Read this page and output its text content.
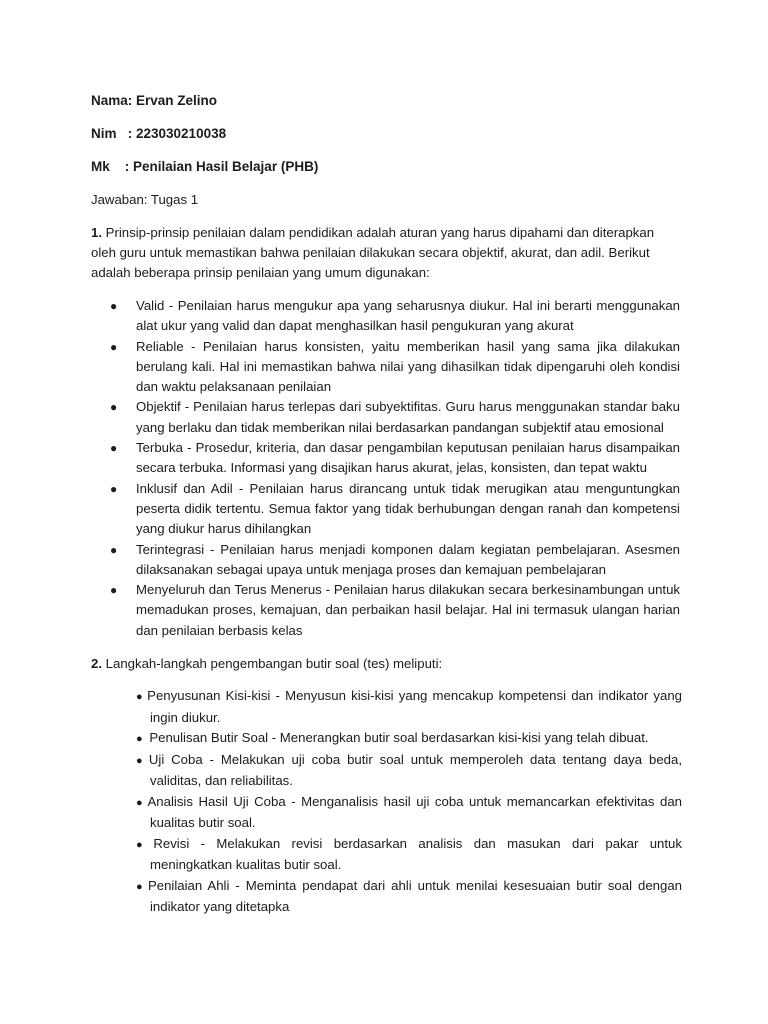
Nama: Ervan Zelino
Nim   : 223030210038
Mk    : Penilaian Hasil Belajar (PHB)
Jawaban: Tugas 1
1. Prinsip-prinsip penilaian dalam pendidikan adalah aturan yang harus dipahami dan diterapkan oleh guru untuk memastikan bahwa penilaian dilakukan secara objektif, akurat, dan adil. Berikut adalah beberapa prinsip penilaian yang umum digunakan:
● Valid - Penilaian harus mengukur apa yang seharusnya diukur. Hal ini berarti menggunakan alat ukur yang valid dan dapat menghasilkan hasil pengukuran yang akurat
● Reliable - Penilaian harus konsisten, yaitu memberikan hasil yang sama jika dilakukan berulang kali. Hal ini memastikan bahwa nilai yang dihasilkan tidak dipengaruhi oleh kondisi dan waktu pelaksanaan penilaian
● Objektif - Penilaian harus terlepas dari subyektifitas. Guru harus menggunakan standar baku yang berlaku dan tidak memberikan nilai berdasarkan pandangan subjektif atau emosional
● Terbuka - Prosedur, kriteria, dan dasar pengambilan keputusan penilaian harus disampaikan secara terbuka. Informasi yang disajikan harus akurat, jelas, konsisten, dan tepat waktu
● Inklusif dan Adil - Penilaian harus dirancang untuk tidak merugikan atau menguntungkan peserta didik tertentu. Semua faktor yang tidak berhubungan dengan ranah dan kompetensi yang diukur harus dihilangkan
● Terintegrasi - Penilaian harus menjadi komponen dalam kegiatan pembelajaran. Asesmen dilaksanakan sebagai upaya untuk menjaga proses dan kemajuan pembelajaran
● Menyeluruh dan Terus Menerus - Penilaian harus dilakukan secara berkesinambungan untuk memadukan proses, kemajuan, dan perbaikan hasil belajar. Hal ini termasuk ulangan harian dan penilaian berbasis kelas
2. Langkah-langkah pengembangan butir soal (tes) meliputi:
● Penyusunan Kisi-kisi - Menyusun kisi-kisi yang mencakup kompetensi dan indikator yang ingin diukur.
● Penulisan Butir Soal - Menerangkan butir soal berdasarkan kisi-kisi yang telah dibuat.
● Uji Coba - Melakukan uji coba butir soal untuk memperoleh data tentang daya beda, validitas, dan reliabilitas.
● Analisis Hasil Uji Coba - Menganalisis hasil uji coba untuk memancarkan efektivitas dan kualitas butir soal.
● Revisi - Melakukan revisi berdasarkan analisis dan masukan dari pakar untuk meningkatkan kualitas butir soal.
● Penilaian Ahli - Meminta pendapat dari ahli untuk menilai kesesuaian butir soal dengan indikator yang ditetapka
